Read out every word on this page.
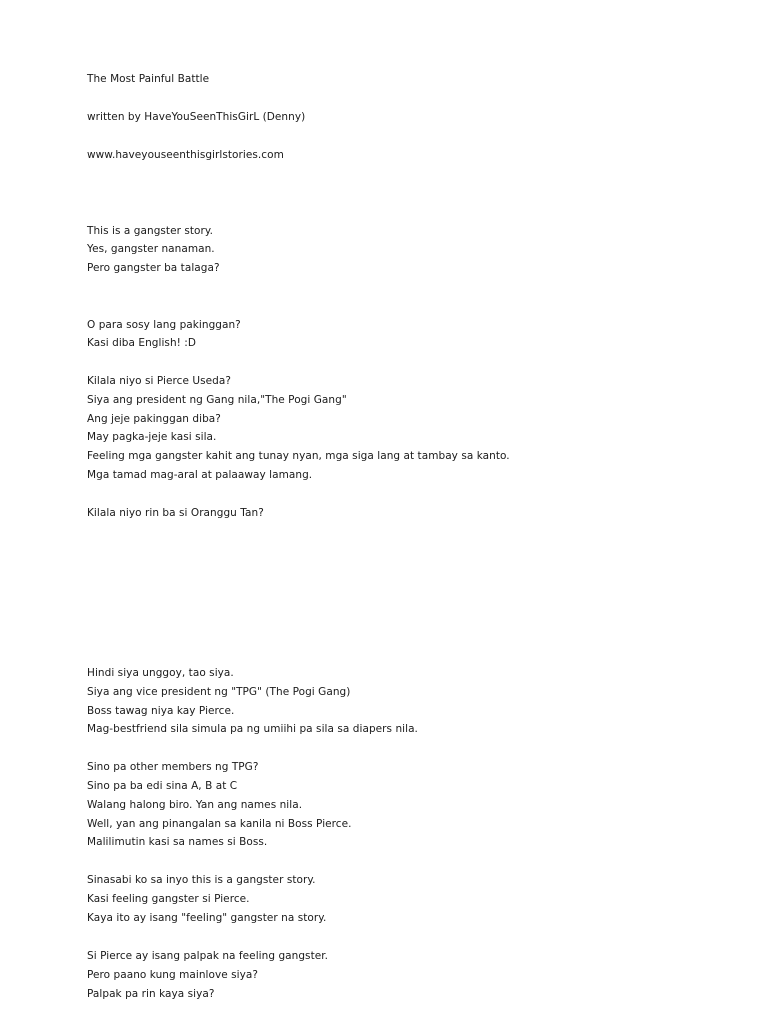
The Most Painful Battle
written by HaveYouSeenThisGirL (Denny)
www.haveyouseenthisgirlstories.com
This is a gangster story.
Yes, gangster nanaman.
Pero gangster ba talaga?
O para sosy lang pakinggan?
Kasi diba English! :D
Kilala niyo si Pierce Useda?
Siya ang president ng Gang nila,"The Pogi Gang"
Ang jeje pakinggan diba?
May pagka-jeje kasi sila.
Feeling mga gangster kahit ang tunay nyan, mga siga lang at tambay sa kanto.
Mga tamad mag-aral at palaaway lamang.
Kilala niyo rin ba si Oranggu Tan?
Hindi siya unggoy, tao siya.
Siya ang vice president ng "TPG" (The Pogi Gang)
Boss tawag niya kay Pierce.
Mag-bestfriend sila simula pa ng umiihi pa sila sa diapers nila.
Sino pa other members ng TPG?
Sino pa ba edi sina A, B at C
Walang halong biro. Yan ang names nila.
Well, yan ang pinangalan sa kanila ni Boss Pierce.
Malilimutin kasi sa names si Boss.
Sinasabi ko sa inyo this is a gangster story.
Kasi feeling gangster si Pierce.
Kaya ito ay isang "feeling" gangster na story.
Si Pierce ay isang palpak na feeling gangster.
Pero paano kung mainlove siya?
Palpak pa rin kaya siya?
